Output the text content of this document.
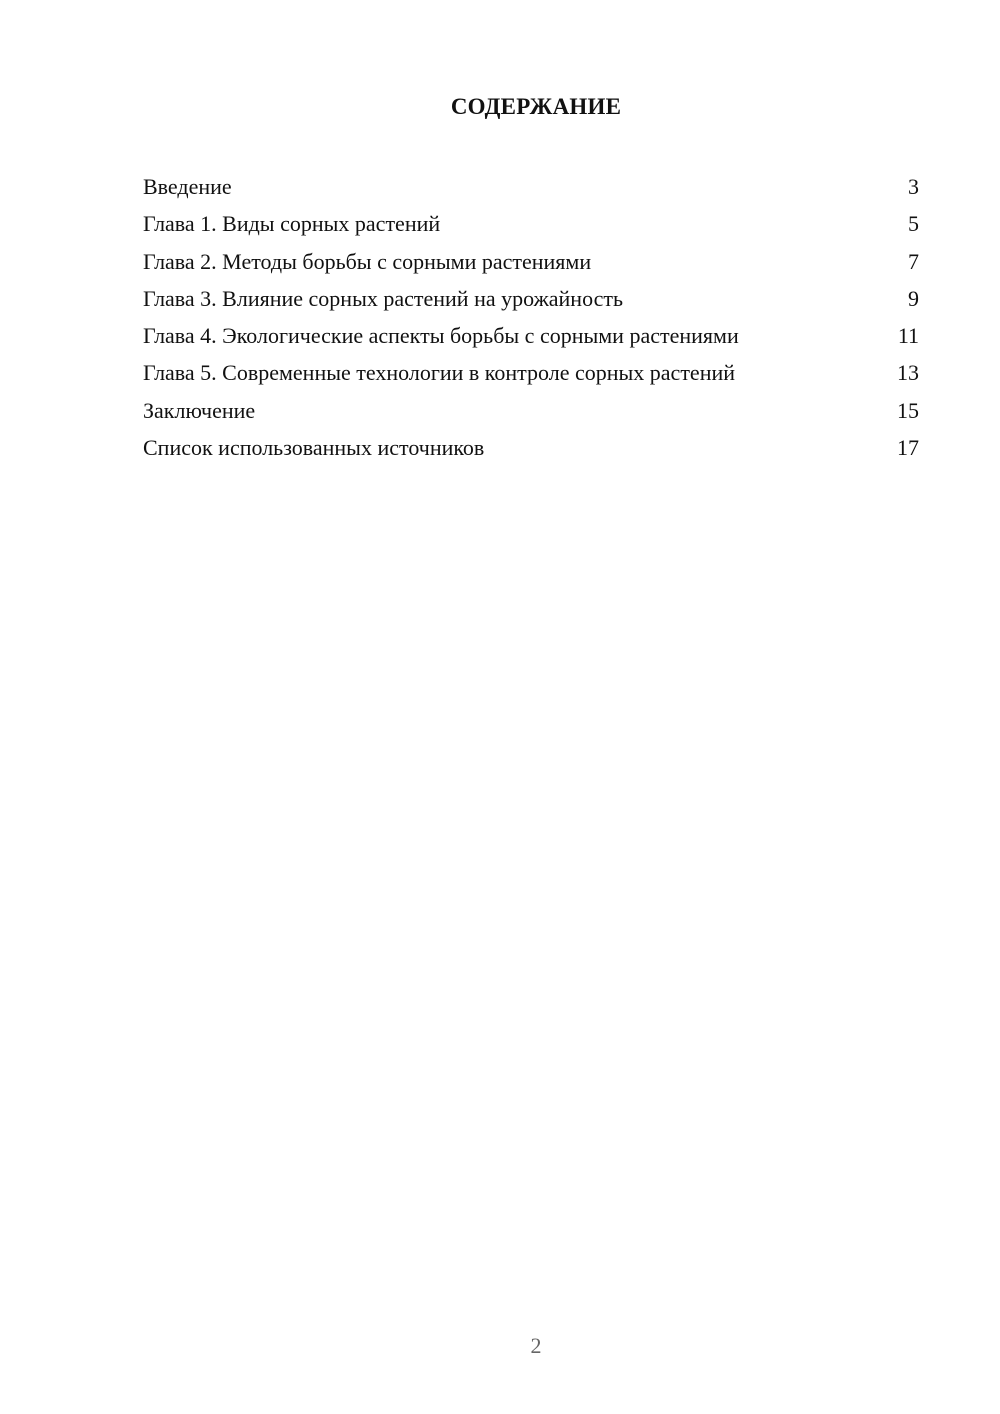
СОДЕРЖАНИЕ
Введение	3
Глава 1. Виды сорных растений	5
Глава 2. Методы борьбы с сорными растениями	7
Глава 3. Влияние сорных растений на урожайность	9
Глава 4. Экологические аспекты борьбы с сорными растениями	11
Глава 5. Современные технологии в контроле сорных растений	13
Заключение	15
Список использованных источников	17
2
